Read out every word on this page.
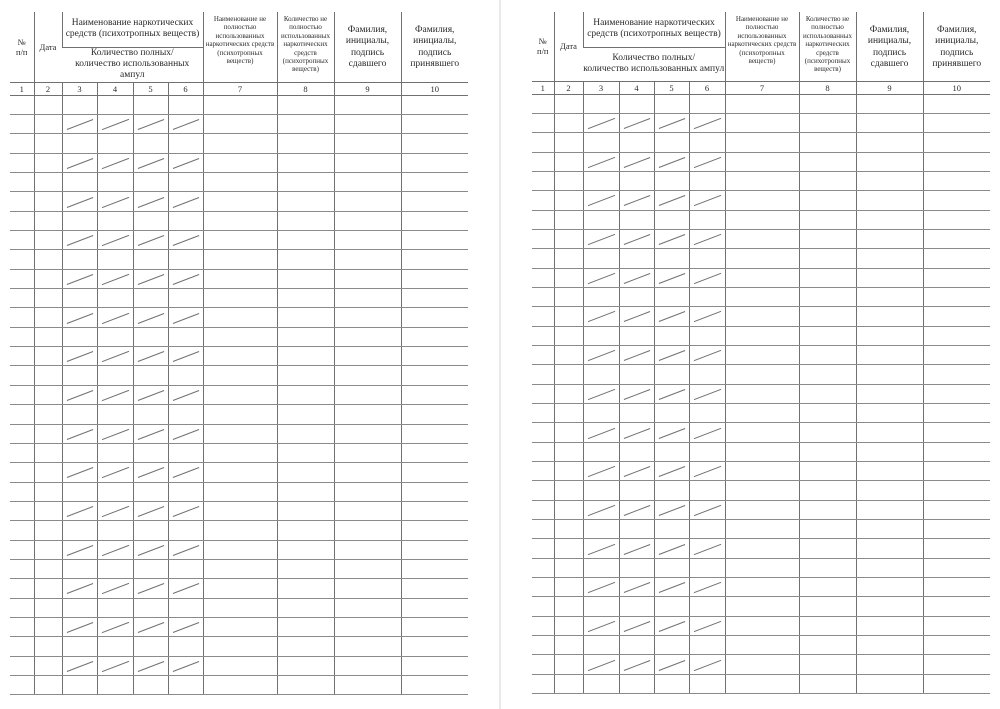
№
п/п	Дата	Наименование наркотических средств (психотропных веществ)				Наименование не полностью использованных наркотических средств (психотропных веществ)	Количество не полностью использованных наркотических средств (психотропных веществ)	Фамилия, инициалы, подпись сдавшего	Фамилия, инициалы, подпись принявшего
		Количество полных/
количество использованных ампул							
1	2	3	4	5	6	7	8	9	10

№
п/п	Дата	Наименование наркотических средств (психотропных веществ)				Наименование не полностью использованных наркотических средств (психотропных веществ)	Количество не полностью использованных наркотических средств (психотропных веществ)	Фамилия, инициалы, подпись сдавшего	Фамилия, инициалы, подпись принявшего
		Количество полных/
количество использованных ампул							
1	2	3	4	5	6	7	8	9	10
